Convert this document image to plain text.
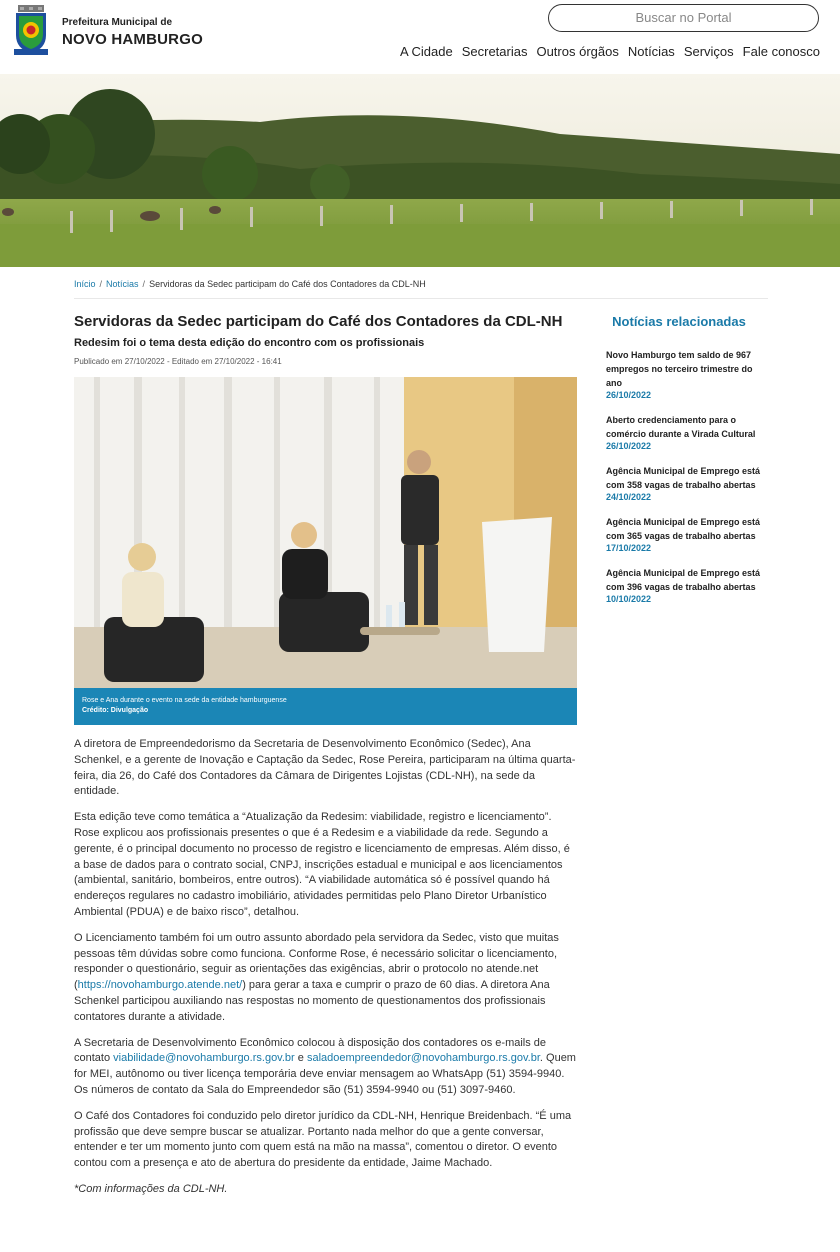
Prefeitura Municipal de
NOVO HAMBURGO
Buscar no Portal
A Cidade Secretarias Outros órgãos Notícias Serviços Fale conosco
Início / Notícias / Servidoras da Sedec participam do Café dos Contadores da CDL-NH
Servidoras da Sedec participam do Café dos Contadores da CDL-NH
Redesim foi o tema desta edição do encontro com os profissionais
Publicado em 27/10/2022 - Editado em 27/10/2022 - 16:41
Rose e Ana durante o evento na sede da entidade hamburguense
Crédito: Divulgação

A diretora de Empreendedorismo da Secretaria de Desenvolvimento Econômico (Sedec), Ana Schenkel, e a gerente de Inovação e Captação da Sedec, Rose Pereira, participaram na última quarta-feira, dia 26, do Café dos Contadores da Câmara de Dirigentes Lojistas (CDL-NH), na sede da entidade.

Esta edição teve como temática a “Atualização da Redesim: viabilidade, registro e licenciamento”. Rose explicou aos profissionais presentes o que é a Redesim e a viabilidade da rede. Segundo a gerente, é o principal documento no processo de registro e licenciamento de empresas. Além disso, é a base de dados para o contrato social, CNPJ, inscrições estadual e municipal e aos licenciamentos (ambiental, sanitário, bombeiros, entre outros). “A viabilidade automática só é possível quando há endereços regulares no cadastro imobiliário, atividades permitidas pelo Plano Diretor Urbanístico Ambiental (PDUA) e de baixo risco”, detalhou.

O Licenciamento também foi um outro assunto abordado pela servidora da Sedec, visto que muitas pessoas têm dúvidas sobre como funciona. Conforme Rose, é necessário solicitar o licenciamento, responder o questionário, seguir as orientações das exigências, abrir o protocolo no atende.net (https://novohamburgo.atende.net/) para gerar a taxa e cumprir o prazo de 60 dias. A diretora Ana Schenkel participou auxiliando nas respostas no momento de questionamentos dos profissionais contatores durante a atividade.

A Secretaria de Desenvolvimento Econômico colocou à disposição dos contadores os e-mails de contato viabilidade@novohamburgo.rs.gov.br e saladoempreendedor@novohamburgo.rs.gov.br. Quem for MEI, autônomo ou tiver licença temporária deve enviar mensagem ao WhatsApp (51) 3594-9940. Os números de contato da Sala do Empreendedor são (51) 3594-9940 ou (51) 3097-9460.

O Café dos Contadores foi conduzido pelo diretor jurídico da CDL-NH, Henrique Breidenbach. “É uma profissão que deve sempre buscar se atualizar. Portanto nada melhor do que a gente conversar, entender e ter um momento junto com quem está na mão na massa”, comentou o diretor. O evento contou com a presença e ato de abertura do presidente da entidade, Jaime Machado.

*Com informações da CDL-NH.

Notícias relacionadas
Novo Hamburgo tem saldo de 967 empregos no terceiro trimestre do ano
26/10/2022
Aberto credenciamento para o comércio durante a Virada Cultural
26/10/2022
Agência Municipal de Emprego está com 358 vagas de trabalho abertas
24/10/2022
Agência Municipal de Emprego está com 365 vagas de trabalho abertas
17/10/2022
Agência Municipal de Emprego está com 396 vagas de trabalho abertas
10/10/2022
